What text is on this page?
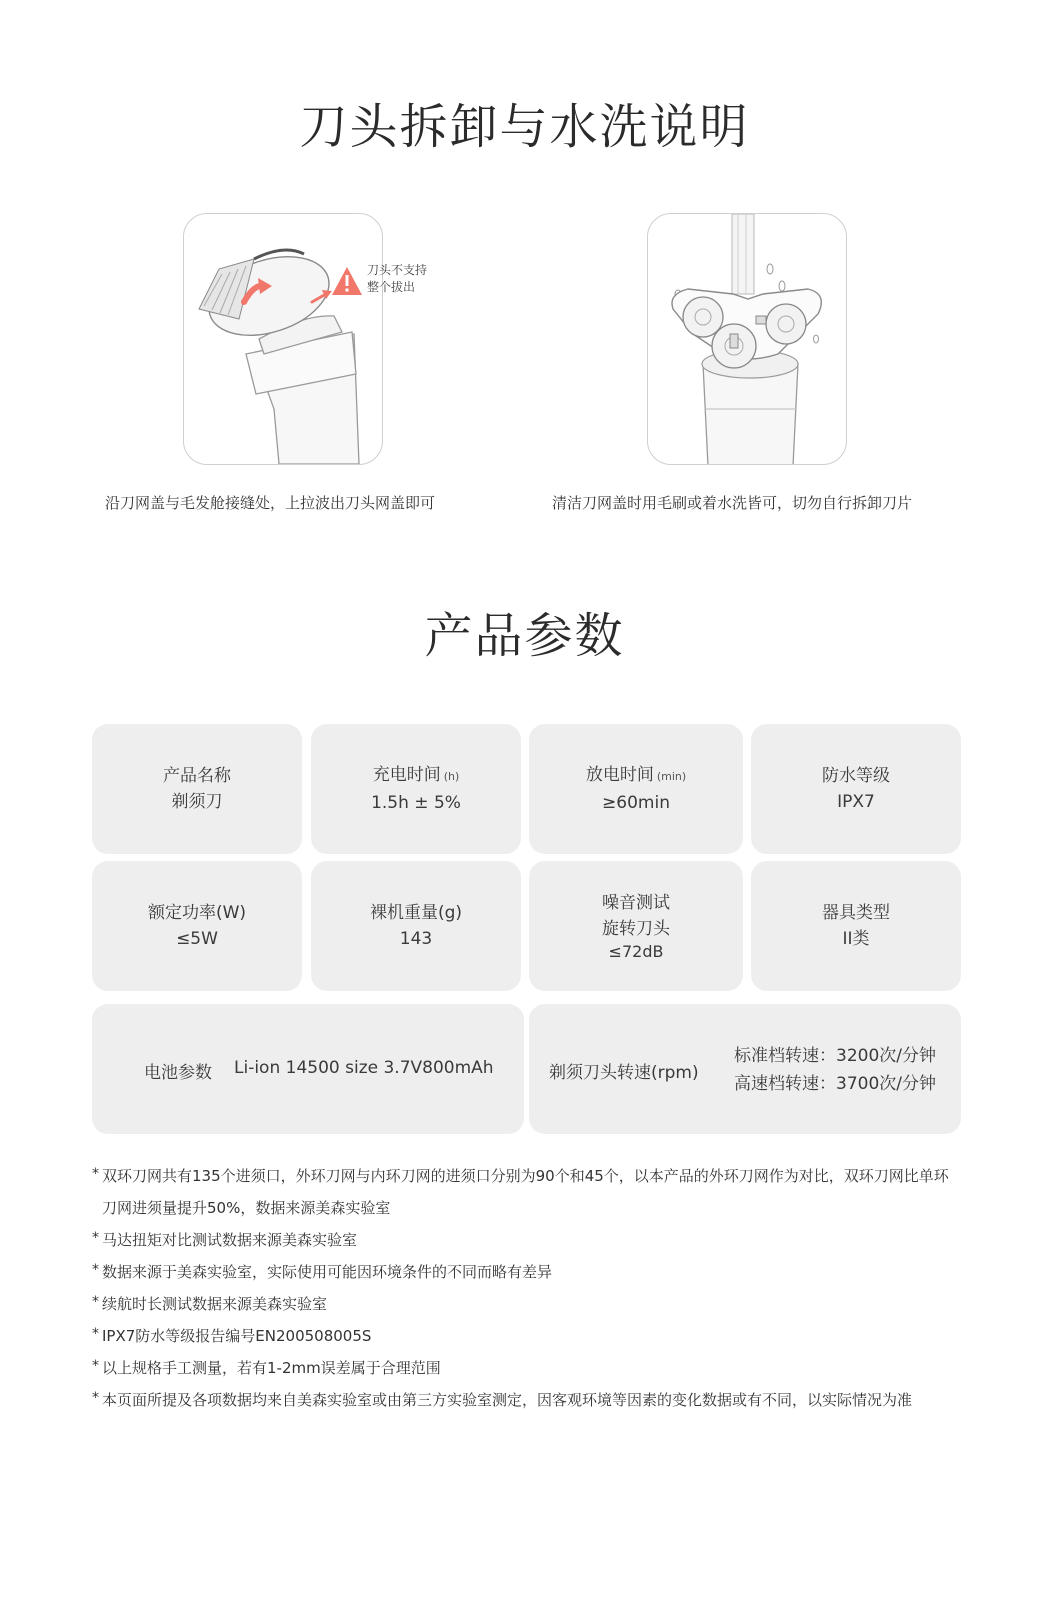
刀头拆卸与水洗说明
刀头不支持
整个拔出
沿刀网盖与毛发舱接缝处，上拉波出刀头网盖即可	清洁刀网盖时用毛刷或着水洗皆可，切勿自行拆卸刀片
产品参数
产品名称
剃须刀
充电时间 (h)
1.5h ± 5%
放电时间 (min)
≥60min
防水等级
IPX7
额定功率(W)
≤5W
裸机重量(g)
143
噪音测试
旋转刀头
≤72dB
器具类型
II类
电池参数 Li-ion 14500 size 3.7V800mAh	剃须刀头转速(rpm)
标准档转速：3200次/分钟
高速档转速：3700次/分钟
* 双环刀网共有135个进须口，外环刀网与内环刀网的进须口分别为90个和45个，以本产品的外环刀网作为对比，双环刀网比单环刀网进须量提升50%，数据来源美森实验室
* 马达扭矩对比测试数据来源美森实验室
* 数据来源于美森实验室，实际使用可能因环境条件的不同而略有差异
* 续航时长测试数据来源美森实验室
* IPX7防水等级报告编号EN200508005S
* 以上规格手工测量，若有1-2mm误差属于合理范围
* 本页面所提及各项数据均来自美森实验室或由第三方实验室测定，因客观环境等因素的变化数据或有不同，以实际情况为准
